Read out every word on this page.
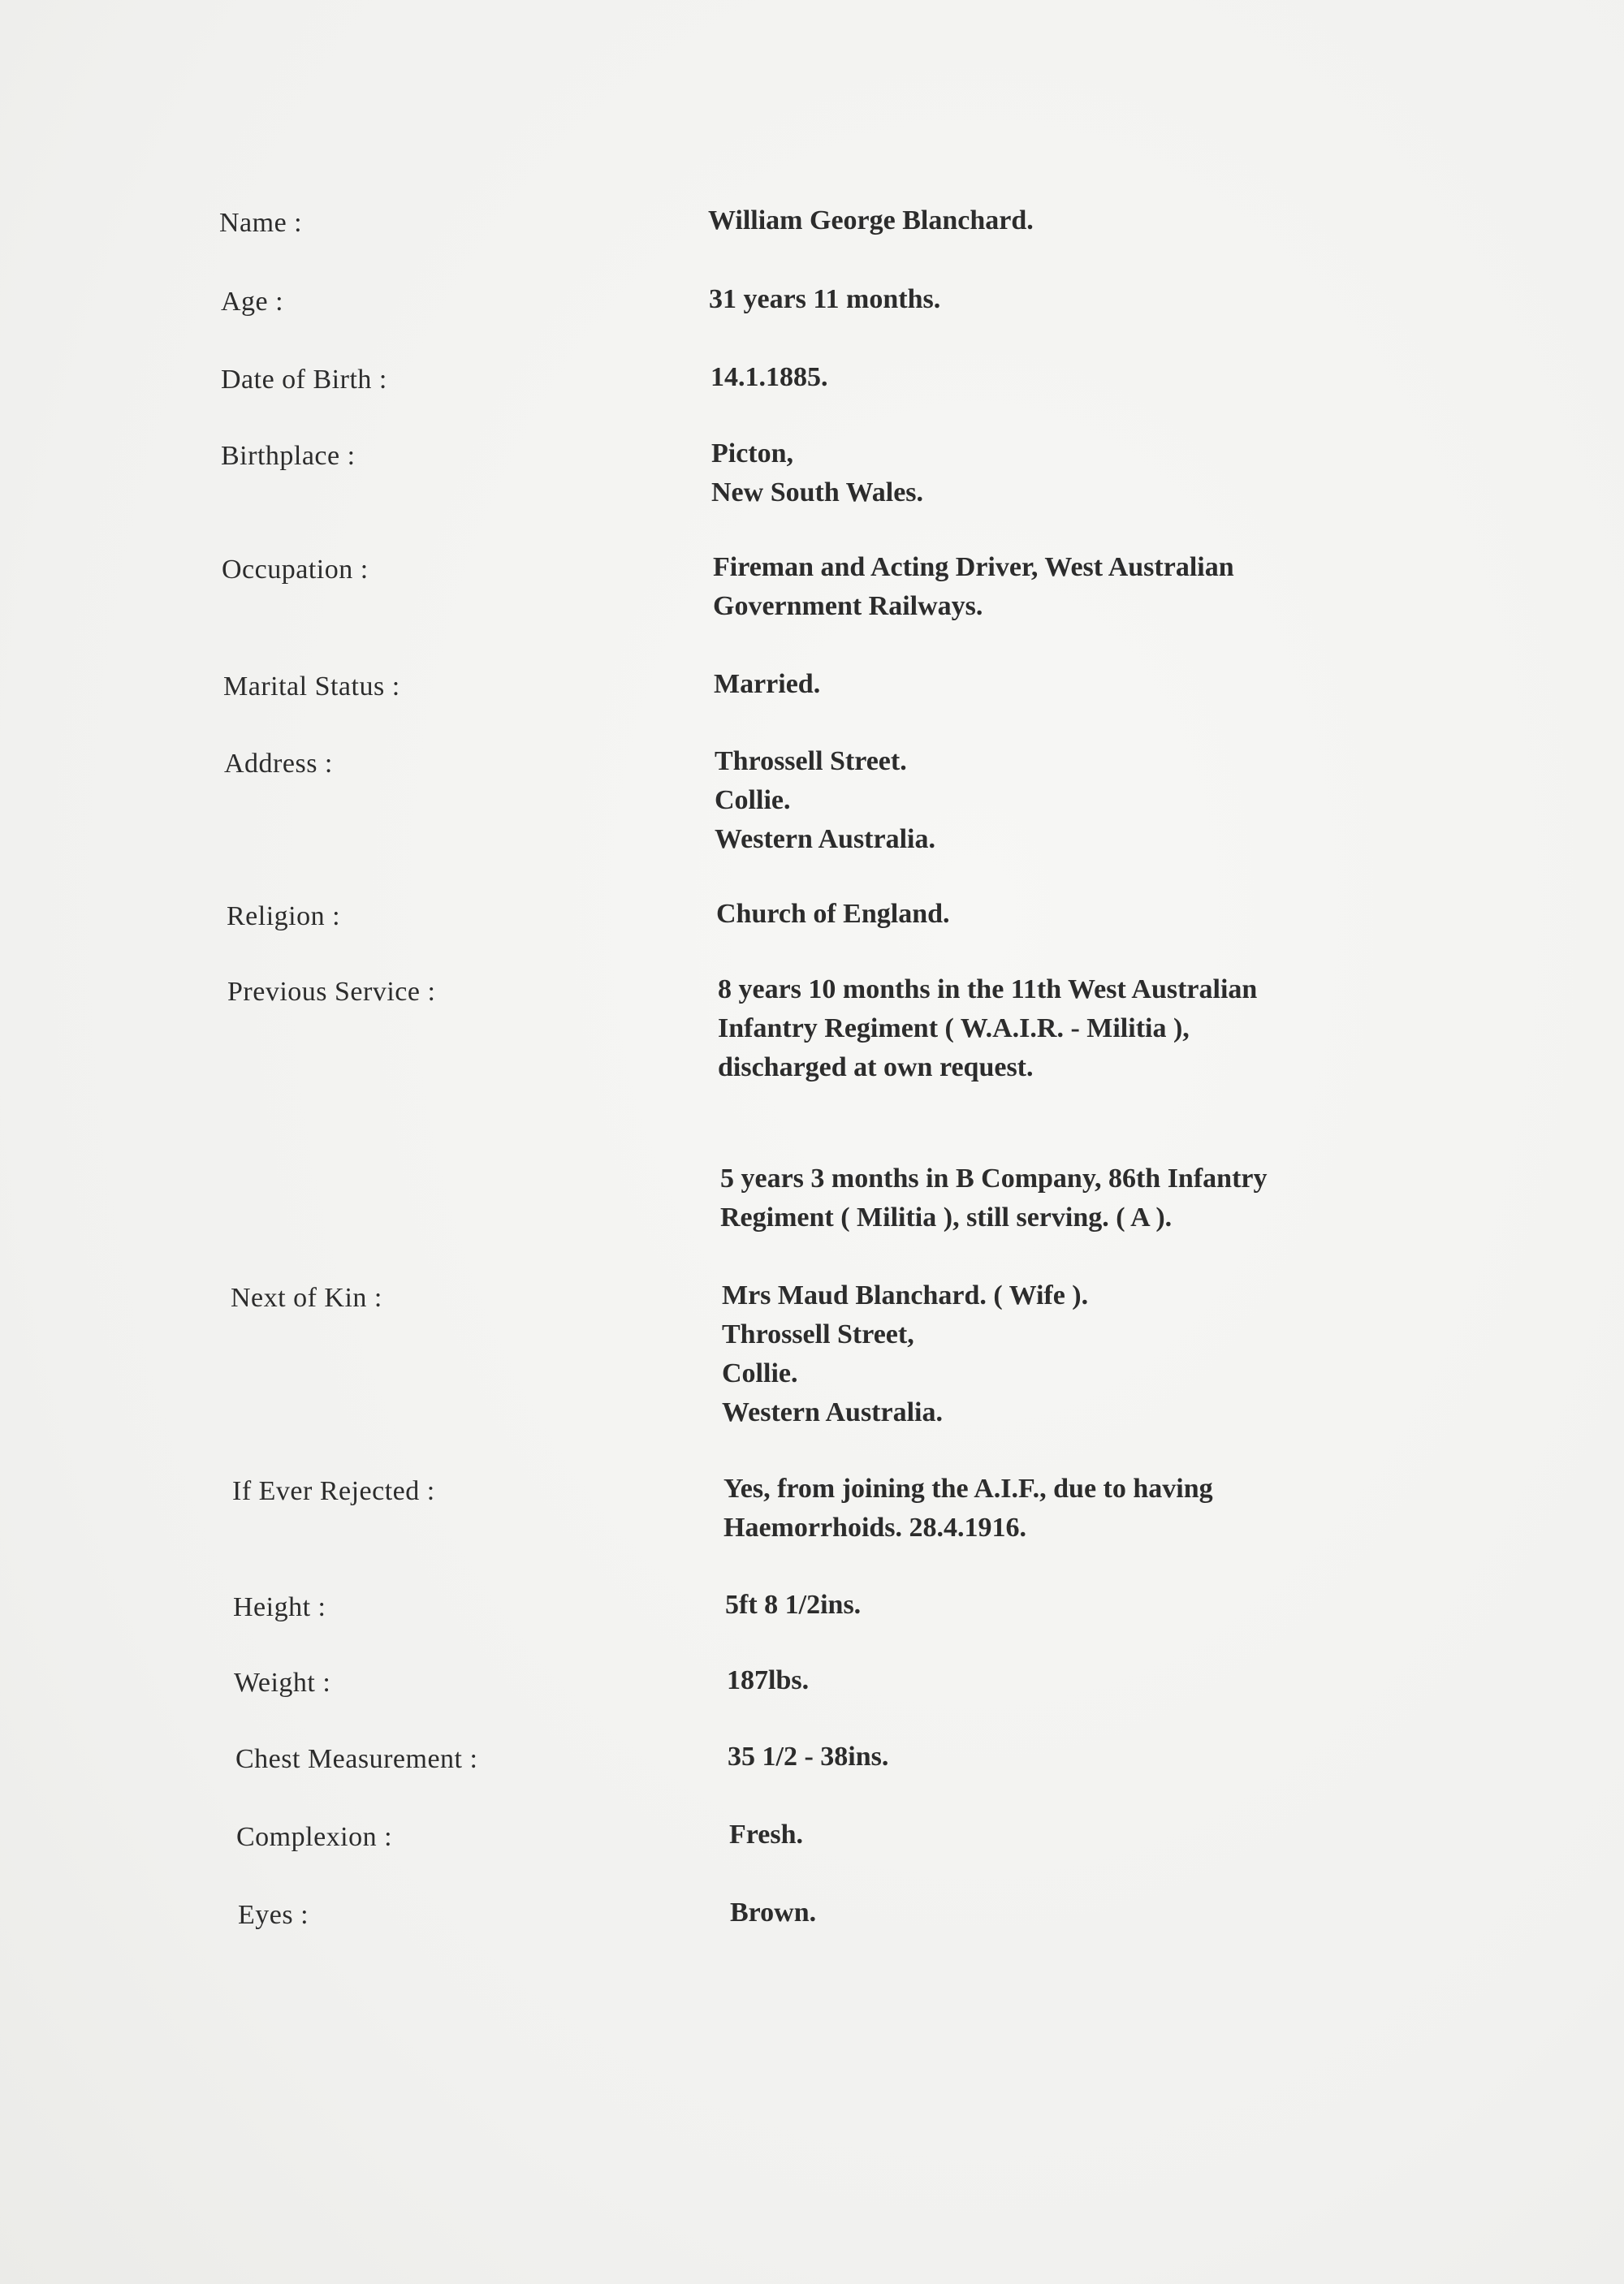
Name :	William George Blanchard.
Age :	31 years 11 months.
Date of Birth :	14.1.1885.
Birthplace :	Picton,
New South Wales.
Occupation :	Fireman and Acting Driver, West Australian
Government Railways.
Marital Status :	Married.
Address :	Throssell Street.
Collie.
Western Australia.
Religion :	Church of England.
Previous Service :	8 years 10 months in the 11th West Australian
Infantry Regiment ( W.A.I.R. - Militia ),
discharged at own request.
5 years 3 months in B Company, 86th Infantry
Regiment ( Militia ), still serving. ( A ).
Next of Kin :	Mrs Maud Blanchard. ( Wife ).
Throssell Street,
Collie.
Western Australia.
If Ever Rejected :	Yes, from joining the A.I.F., due to having
Haemorrhoids. 28.4.1916.
Height :	5ft 8 1/2ins.
Weight :	187lbs.
Chest Measurement :	35 1/2 - 38ins.
Complexion :	Fresh.
Eyes :	Brown.
